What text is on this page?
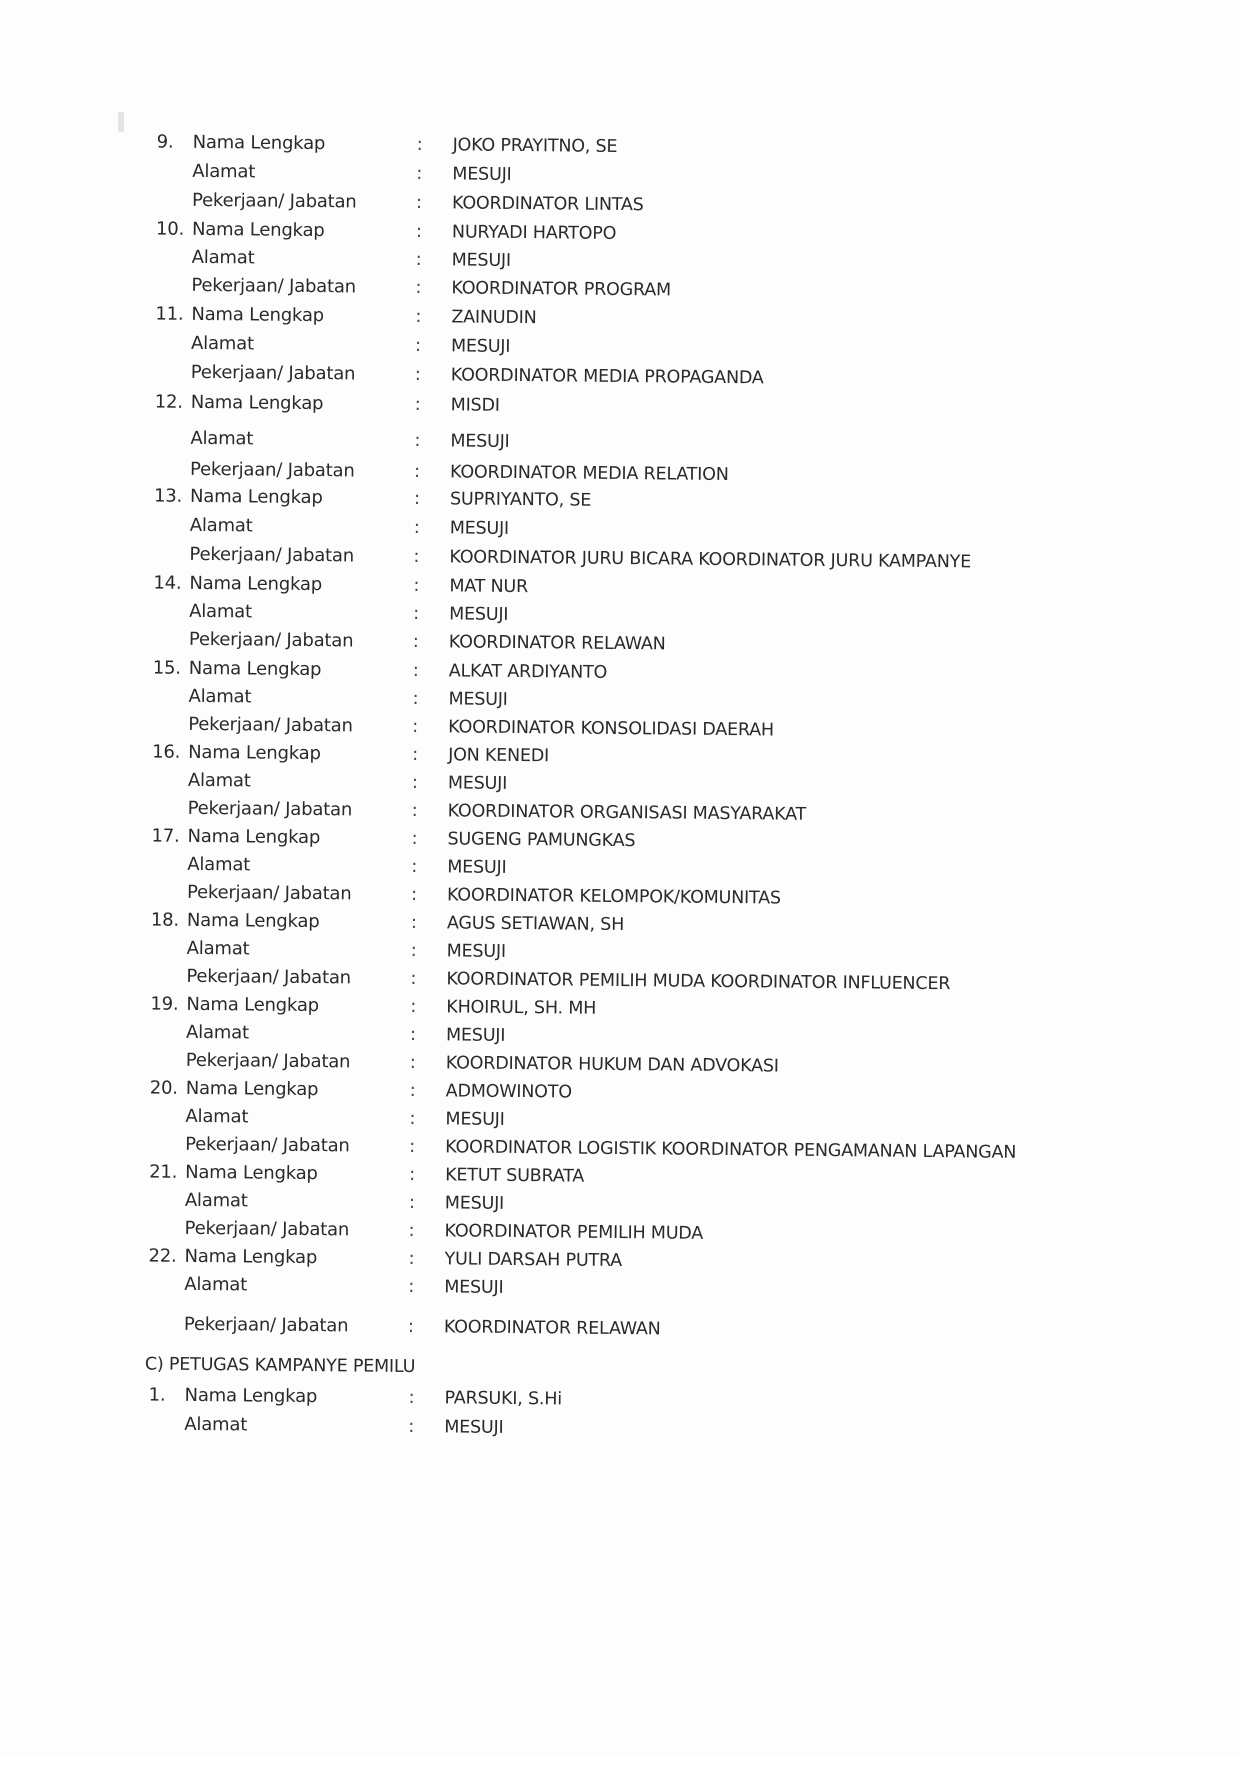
9.	Nama Lengkap	: JOKO PRAYITNO, SE
Alamat	: MESUJI
Pekerjaan/ Jabatan	: KOORDINATOR LINTAS
10. Nama Lengkap	: NURYADI HARTOPO
Alamat	: MESUJI
Pekerjaan/ Jabatan	: KOORDINATOR PROGRAM
11. Nama Lengkap	: ZAINUDIN
Alamat	: MESUJI
Pekerjaan/ Jabatan	: KOORDINATOR MEDIA PROPAGANDA
12. Nama Lengkap	: MISDI
Alamat	: MESUJI
Pekerjaan/ Jabatan	: KOORDINATOR MEDIA RELATION
13. Nama Lengkap	: SUPRIYANTO, SE
Alamat	: MESUJI
Pekerjaan/ Jabatan	: KOORDINATOR JURU BICARA KOORDINATOR JURU KAMPANYE
14. Nama Lengkap	: MAT NUR
Alamat	: MESUJI
Pekerjaan/ Jabatan	: KOORDINATOR RELAWAN
15. Nama Lengkap	: ALKAT ARDIYANTO
Alamat	: MESUJI
Pekerjaan/ Jabatan	: KOORDINATOR KONSOLIDASI DAERAH
16. Nama Lengkap	: JON KENEDI
Alamat	: MESUJI
Pekerjaan/ Jabatan	: KOORDINATOR ORGANISASI MASYARAKAT
17. Nama Lengkap	: SUGENG PAMUNGKAS
Alamat	: MESUJI
Pekerjaan/ Jabatan	: KOORDINATOR KELOMPOK/KOMUNITAS
18. Nama Lengkap	: AGUS SETIAWAN, SH
Alamat	: MESUJI
Pekerjaan/ Jabatan	: KOORDINATOR PEMILIH MUDA KOORDINATOR INFLUENCER
19. Nama Lengkap	: KHOIRUL, SH. MH
Alamat	: MESUJI
Pekerjaan/ Jabatan	: KOORDINATOR HUKUM DAN ADVOKASI
20. Nama Lengkap	: ADMOWINOTO
Alamat	: MESUJI
Pekerjaan/ Jabatan	: KOORDINATOR LOGISTIK KOORDINATOR PENGAMANAN LAPANGAN
21. Nama Lengkap	: KETUT SUBRATA
Alamat	: MESUJI
Pekerjaan/ Jabatan	: KOORDINATOR PEMILIH MUDA
22. Nama Lengkap	: YULI DARSAH PUTRA
Alamat	: MESUJI
Pekerjaan/ Jabatan	: KOORDINATOR RELAWAN
C) PETUGAS KAMPANYE PEMILU
1.	Nama Lengkap	: PARSUKI, S.Hi
Alamat	: MESUJI
